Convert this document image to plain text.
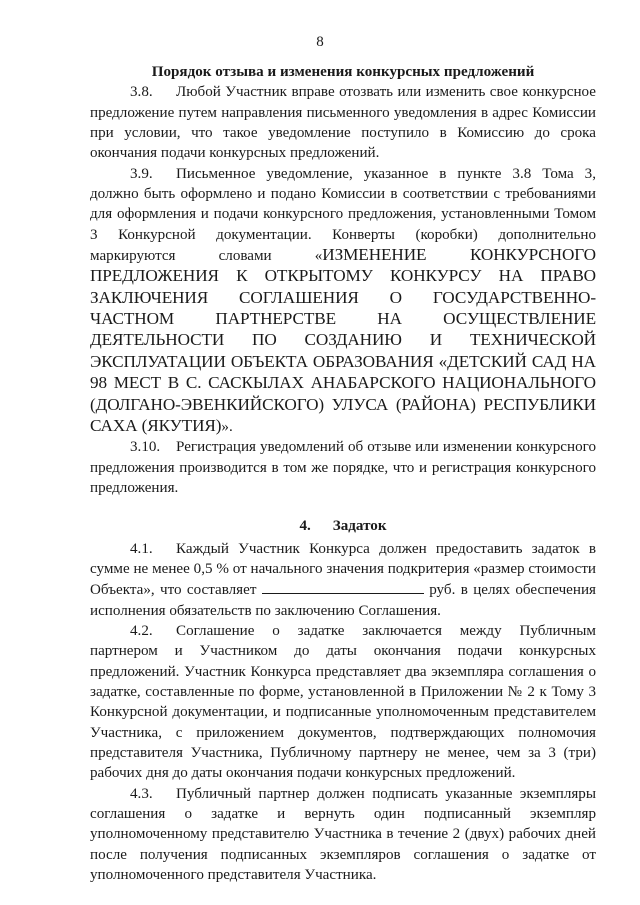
8

Порядок отзыва и изменения конкурсных предложений

3.8. Любой Участник вправе отозвать или изменить свое конкурсное предложение путем направления письменного уведомления в адрес Комиссии при условии, что такое уведомление поступило в Комиссию до срока окончания подачи конкурсных предложений.

3.9. Письменное уведомление, указанное в пункте 3.8 Тома 3, должно быть оформлено и подано Комиссии в соответствии с требованиями для оформления и подачи конкурсного предложения, установленными Томом 3 Конкурсной документации. Конверты (коробки) дополнительно маркируются словами «ИЗМЕНЕНИЕ КОНКУРСНОГО ПРЕДЛОЖЕНИЯ К ОТКРЫТОМУ КОНКУРСУ НА ПРАВО ЗАКЛЮЧЕНИЯ СОГЛАШЕНИЯ О ГОСУДАРСТВЕННО-ЧАСТНОМ ПАРТНЕРСТВЕ НА ОСУЩЕСТВЛЕНИЕ ДЕЯТЕЛЬНОСТИ ПО СОЗДАНИЮ И ТЕХНИЧЕСКОЙ ЭКСПЛУАТАЦИИ ОБЪЕКТА ОБРАЗОВАНИЯ «ДЕТСКИЙ САД НА 98 МЕСТ В С. САСКЫЛАХ АНАБАРСКОГО НАЦИОНАЛЬНОГО (ДОЛГАНО-ЭВЕНКИЙСКОГО) УЛУСА (РАЙОНА) РЕСПУБЛИКИ САХА (ЯКУТИЯ)».

3.10. Регистрация уведомлений об отзыве или изменении конкурсного предложения производится в том же порядке, что и регистрация конкурсного предложения.

4. Задаток

4.1. Каждый Участник Конкурса должен предоставить задаток в сумме не менее 0,5 % от начального значения подкритерия «размер стоимости Объекта», что составляет	руб. в целях обеспечения исполнения обязательств по заключению Соглашения.

4.2. Соглашение о задатке заключается между Публичным партнером и Участником до даты окончания подачи конкурсных предложений. Участник Конкурса представляет два экземпляра соглашения о задатке, составленные по форме, установленной в Приложении № 2 к Тому 3 Конкурсной документации, и подписанные уполномоченным представителем Участника, с приложением документов, подтверждающих полномочия представителя Участника, Публичному партнеру не менее, чем за 3 (три) рабочих дня до даты окончания подачи конкурсных предложений.

4.3. Публичный партнер должен подписать указанные экземпляры соглашения о задатке и вернуть один подписанный экземпляр уполномоченному представителю Участника в течение 2 (двух) рабочих дней после получения подписанных экземпляров соглашения о задатке от уполномоченного представителя Участника.
